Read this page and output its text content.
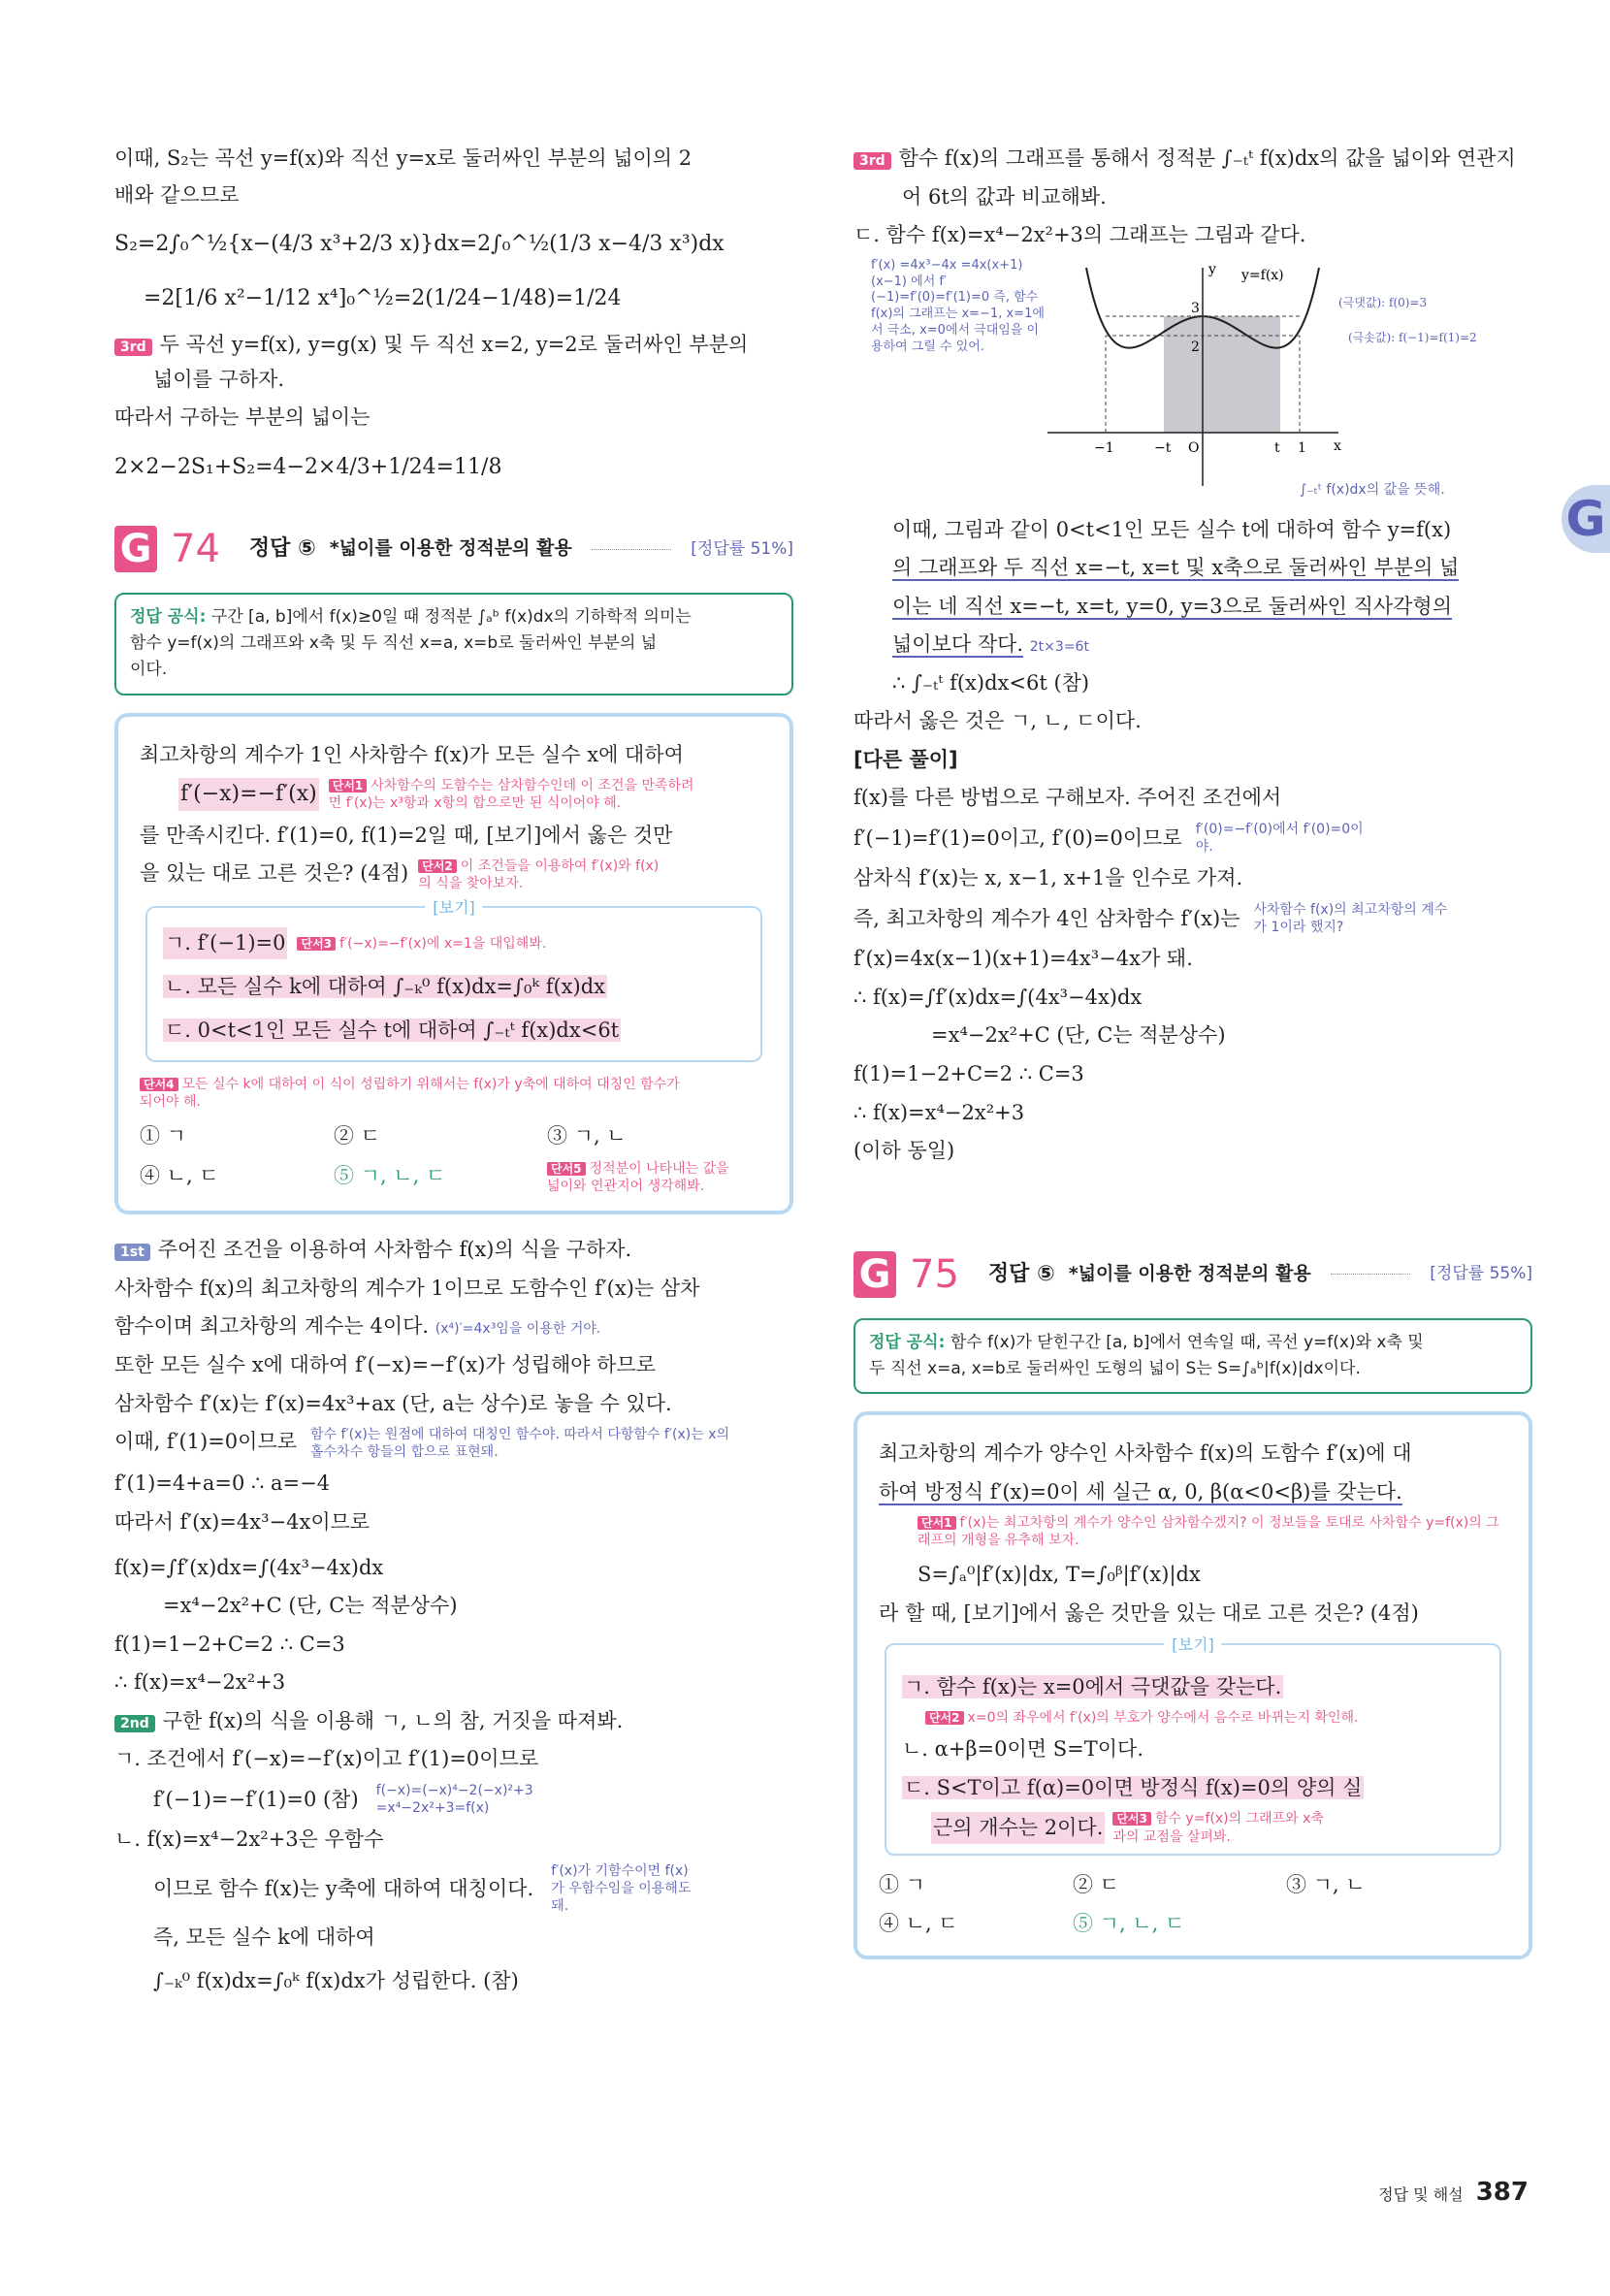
이때, S₂는 곡선 y=f(x)와 직선 y=x로 둘러싸인 부분의 넓이의 2
배와 같으므로
S₂=2∫₀^½{x−(4/3 x³+2/3 x)}dx=2∫₀^½(1/3 x−4/3 x³)dx
=2[1/6 x²−1/12 x⁴]₀^½=2(1/24−1/48)=1/24
3rd 두 곡선 y=f(x), y=g(x) 및 두 직선 x=2, y=2로 둘러싸인 부분의
넓이를 구하자.
따라서 구하는 부분의 넓이는
2×2−2S₁+S₂=4−2×4/3+1/24=11/8
G 74 정답 ⑤ *넓이를 이용한 정적분의 활용	[정답률 51%]
정답 공식: 구간 [a, b]에서 f(x)≥0일 때 정적분 ∫ₐᵇ f(x)dx의 기하학적 의미는
함수 y=f(x)의 그래프와 x축 및 두 직선 x=a, x=b로 둘러싸인 부분의 넓
이다.
최고차항의 계수가 1인 사차함수 f(x)가 모든 실수 x에 대하여
f′(−x)=−f′(x)	단서1 사차함수의 도함수는 삼차함수인데 이 조건을 만족하려면 f′(x)는 x³항과 x항의 합으로만 된 식이어야 해.
를 만족시킨다. f′(1)=0, f(1)=2일 때, [보기]에서 옳은 것만
을 있는 대로 고른 것은? (4점)	단서2 이 조건들을 이용하여 f′(x)와 f(x)의 식을 찾아보자.
[보기]
ㄱ. f′(−1)=0	단서3 f′(−x)=−f′(x)에 x=1을 대입해봐.
ㄴ. 모든 실수 k에 대하여 ∫₋ₖ⁰ f(x)dx=∫₀ᵏ f(x)dx
ㄷ. 0<t<1인 모든 실수 t에 대하여 ∫₋ₜᵗ f(x)dx<6t
단서4 모든 실수 k에 대하여 이 식이 성립하기 위해서는 f(x)가 y축에 대하여 대칭인 함수가 되어야 해.
① ㄱ	② ㄷ	③ ㄱ, ㄴ
④ ㄴ, ㄷ	⑤ ㄱ, ㄴ, ㄷ	단서5 정적분이 나타내는 값을 넓이와 연관지어 생각해봐.
1st 주어진 조건을 이용하여 사차함수 f(x)의 식을 구하자.
사차함수 f(x)의 최고차항의 계수가 1이므로 도함수인 f′(x)는 삼차
함수이며 최고차항의 계수는 4이다. (x⁴)′=4x³임을 이용한 거야.
또한 모든 실수 x에 대하여 f′(−x)=−f′(x)가 성립해야 하므로
삼차함수 f′(x)는 f′(x)=4x³+ax (단, a는 상수)로 놓을 수 있다.
이때, f′(1)=0이므로 함수 f′(x)는 원점에 대하여 대칭인 함수야. 따라서 다항함수 f′(x)는 x의 홀수차수 항들의 합으로 표현돼.
f′(1)=4+a=0 ∴ a=−4
따라서 f′(x)=4x³−4x이므로
f(x)=∫f′(x)dx=∫(4x³−4x)dx
=x⁴−2x²+C (단, C는 적분상수)
f(1)=1−2+C=2 ∴ C=3
∴ f(x)=x⁴−2x²+3
2nd 구한 f(x)의 식을 이용해 ㄱ, ㄴ의 참, 거짓을 따져봐.
ㄱ. 조건에서 f′(−x)=−f′(x)이고 f′(1)=0이므로
f′(−1)=−f′(1)=0 (참) f(−x)=(−x)⁴−2(−x)²+3 =x⁴−2x²+3=f(x)
ㄴ. f(x)=x⁴−2x²+3은 우함수
이므로 함수 f(x)는 y축에 대하여 대칭이다.
f′(x)가 기함수이면 f(x)가 우함수임을 이용해도 돼.
즉, 모든 실수 k에 대하여
∫₋ₖ⁰ f(x)dx=∫₀ᵏ f(x)dx가 성립한다. (참)
3rd 함수 f(x)의 그래프를 통해서 정적분 ∫₋ₜᵗ f(x)dx의 값을 넓이와 연관지
어 6t의 값과 비교해봐.
ㄷ. 함수 f(x)=x⁴−2x²+3의 그래프는 그림과 같다.
f′(x) =4x³−4x =4x(x+1)(x−1) 에서 f′(−1)=f′(0)=f′(1)=0 즉, 함수 f(x)의 그래프는 x=−1, x=1에서 극소, x=0에서 극대임을 이용하여 그릴 수 있어.
y
x
O
3
2
−1	−t	t 1
y=f(x)
(극댓값): f(0)=3
(극솟값): f(−1)=f(1)=2
∫₋ₜᵗ f(x)dx의 값을 뜻해.
이때, 그림과 같이 0<t<1인 모든 실수 t에 대하여 함수 y=f(x)
의 그래프와 두 직선 x=−t, x=t 및 x축으로 둘러싸인 부분의 넓
이는 네 직선 x=−t, x=t, y=0, y=3으로 둘러싸인 직사각형의
넓이보다 작다. 2t×3=6t
∴ ∫₋ₜᵗ f(x)dx<6t (참)
따라서 옳은 것은 ㄱ, ㄴ, ㄷ이다.
[다른 풀이]
f(x)를 다른 방법으로 구해보자. 주어진 조건에서
f′(−1)=f′(1)=0이고, f′(0)=0이므로 f′(0)=−f′(0)에서 f′(0)=0이야.
삼차식 f′(x)는 x, x−1, x+1을 인수로 가져.
즉, 최고차항의 계수가 4인 삼차함수 f′(x)는 사차함수 f(x)의 최고차항의 계수가 1이라 했지?
f′(x)=4x(x−1)(x+1)=4x³−4x가 돼.
∴ f(x)=∫f′(x)dx=∫(4x³−4x)dx
=x⁴−2x²+C (단, C는 적분상수)
f(1)=1−2+C=2 ∴ C=3
∴ f(x)=x⁴−2x²+3
(이하 동일)
G 75 정답 ⑤ *넓이를 이용한 정적분의 활용	[정답률 55%]
정답 공식: 함수 f(x)가 닫힌구간 [a, b]에서 연속일 때, 곡선 y=f(x)와 x축 및
두 직선 x=a, x=b로 둘러싸인 도형의 넓이 S는 S=∫ₐᵇ|f(x)|dx이다.
최고차항의 계수가 양수인 사차함수 f(x)의 도함수 f′(x)에 대
하여 방정식 f′(x)=0이 세 실근 α, 0, β(α<0<β)를 갖는다.
단서1 f′(x)는 최고차항의 계수가 양수인 삼차함수겠지? 이 정보들을 토대로 사차함수 y=f(x)의 그래프의 개형을 유추해 보자.
S=∫ₐ⁰|f′(x)|dx, T=∫₀ᵝ|f′(x)|dx
라 할 때, [보기]에서 옳은 것만을 있는 대로 고른 것은? (4점)
[보기]
ㄱ. 함수 f(x)는 x=0에서 극댓값을 갖는다.
단서2 x=0의 좌우에서 f′(x)의 부호가 양수에서 음수로 바뀌는지 확인해.
ㄴ. α+β=0이면 S=T이다.
ㄷ. S<T이고 f(α)=0이면 방정식 f(x)=0의 양의 실
근의 개수는 2이다.	단서3 함수 y=f(x)의 그래프와 x축과의 교점을 살펴봐.
① ㄱ	② ㄷ	③ ㄱ, ㄴ
④ ㄴ, ㄷ	⑤ ㄱ, ㄴ, ㄷ
G
정답 및 해설 387
